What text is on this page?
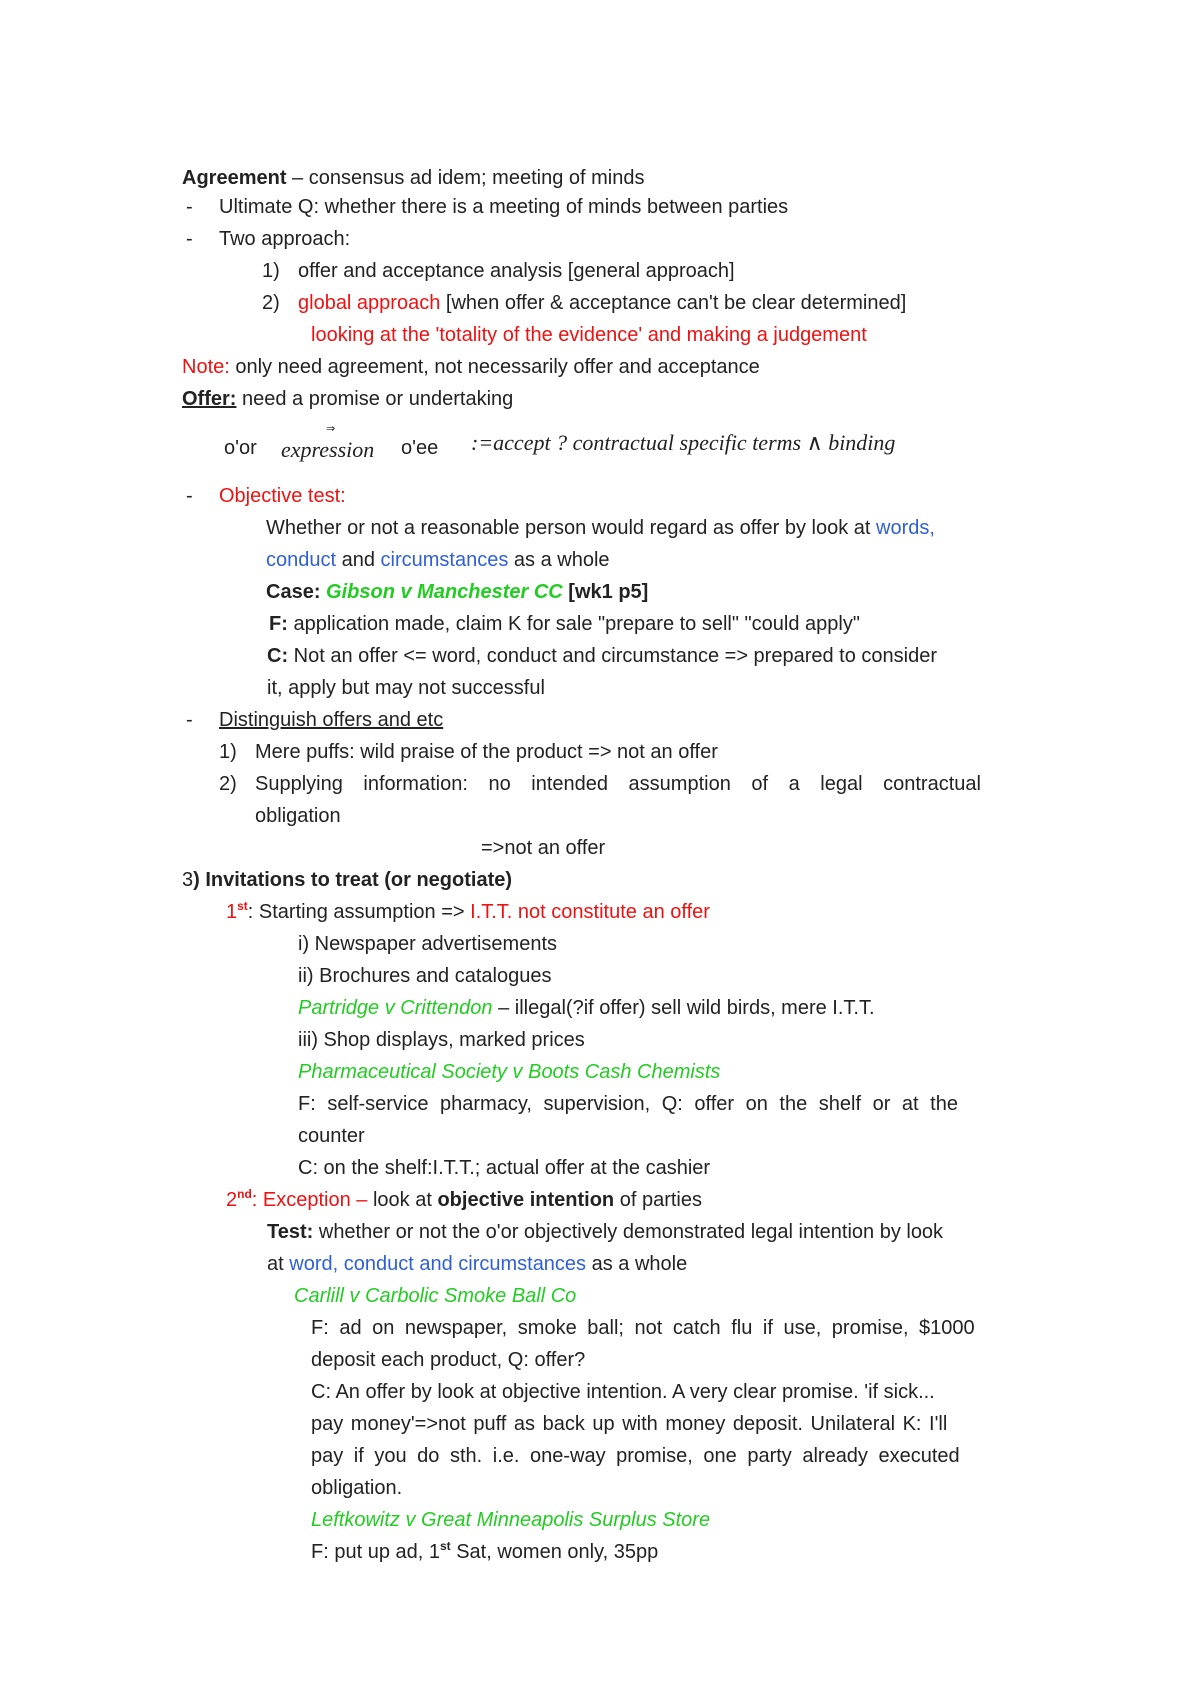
Agreement – consensus ad idem; meeting of minds
- Ultimate Q: whether there is a meeting of minds between parties
- Two approach:
1) offer and acceptance analysis [general approach]
2) global approach [when offer & acceptance can't be clear determined]
looking at the 'totality of the evidence' and making a judgement
Note: only need agreement, not necessarily offer and acceptance
Offer: need a promise or undertaking
o'or
⇒
expression o'ee :=accept ? contractual specific terms ∧ binding
- Objective test:
Whether or not a reasonable person would regard as offer by look at words,
conduct and circumstances as a whole
Case: Gibson v Manchester CC [wk1 p5]
F: application made, claim K for sale "prepare to sell" "could apply"
C: Not an offer <= word, conduct and circumstance => prepared to consider
it, apply but may not successful
- Distinguish offers and etc
1) Mere puffs: wild praise of the product => not an offer
2) Supplying information: no intended assumption of a legal contractual
obligation
=>not an offer
3) Invitations to treat (or negotiate)
1st: Starting assumption => I.T.T. not constitute an offer
i) Newspaper advertisements
ii) Brochures and catalogues
Partridge v Crittendon – illegal(?if offer) sell wild birds, mere I.T.T.
iii) Shop displays, marked prices
Pharmaceutical Society v Boots Cash Chemists
F: self-service pharmacy, supervision, Q: offer on the shelf or at the
counter
C: on the shelf:I.T.T.; actual offer at the cashier
2nd: Exception – look at objective intention of parties
Test: whether or not the o'or objectively demonstrated legal intention by look
at word, conduct and circumstances as a whole
Carlill v Carbolic Smoke Ball Co
F: ad on newspaper, smoke ball; not catch flu if use, promise, $1000
deposit each product, Q: offer?
C: An offer by look at objective intention. A very clear promise. 'if sick...
pay money'=>not puff as back up with money deposit. Unilateral K: I'll
pay if you do sth. i.e. one-way promise, one party already executed
obligation.
Leftkowitz v Great Minneapolis Surplus Store
F: put up ad, 1st Sat, women only, 35pp
